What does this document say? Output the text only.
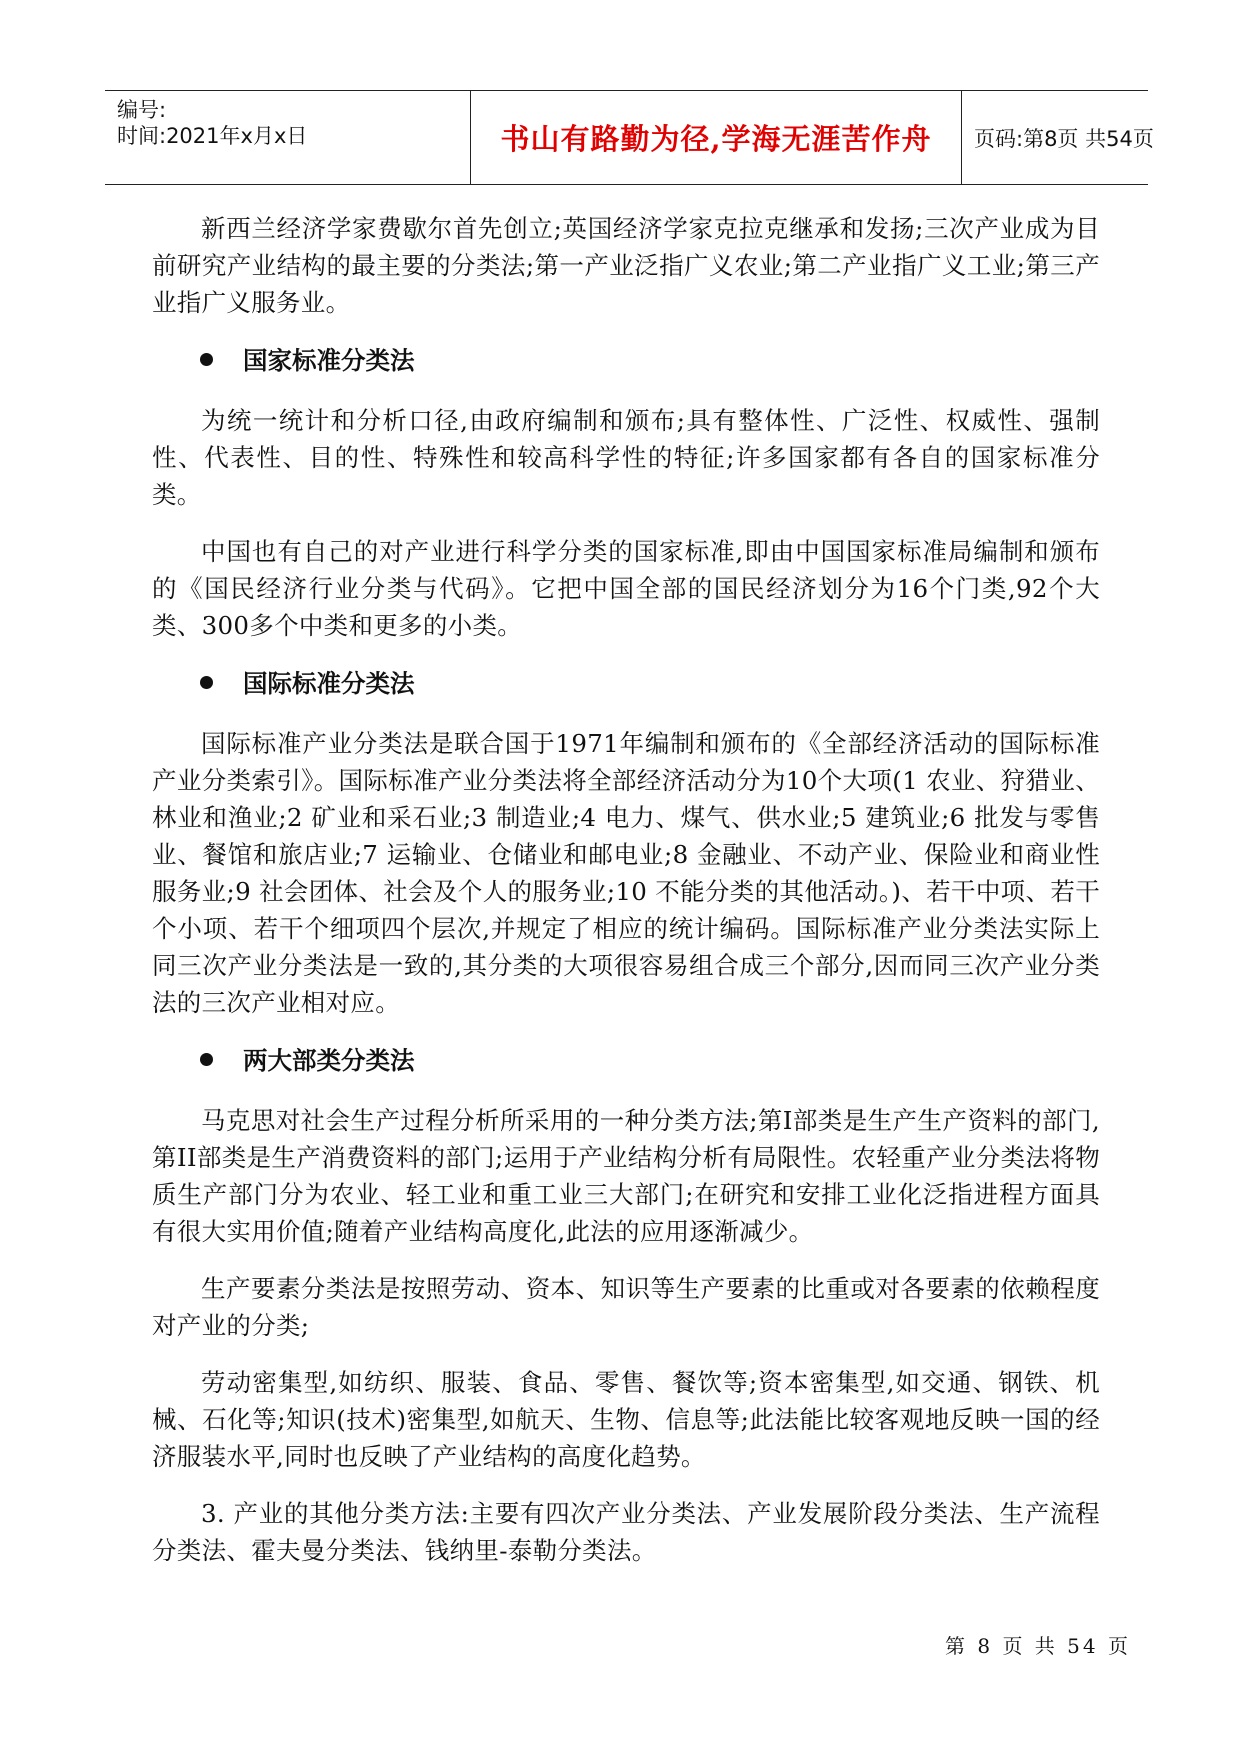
编号:
时间:2021年x月x日	书山有路勤为径,学海无涯苦作舟 页码:第8页 共54页

新西兰经济学家费歇尔首先创立;英国经济学家克拉克继承和发扬;三次产业成为目前研究产业结构的最主要的分类法;第一产业泛指广义农业;第二产业指广义工业;第三产业指广义服务业。

国家标准分类法

为统一统计和分析口径,由政府编制和颁布;具有整体性、广泛性、权威性、强制性、代表性、目的性、特殊性和较高科学性的特征;许多国家都有各自的国家标准分类。

中国也有自己的对产业进行科学分类的国家标准,即由中国国家标准局编制和颁布的《国民经济行业分类与代码》。它把中国全部的国民经济划分为16个门类,92个大类、300多个中类和更多的小类。

国际标准分类法

国际标准产业分类法是联合国于1971年编制和颁布的《全部经济活动的国际标准产业分类索引》。国际标准产业分类法将全部经济活动分为10个大项(1 农业、狩猎业、林业和渔业;2 矿业和采石业;3 制造业;4 电力、煤气、供水业;5 建筑业;6 批发与零售业、餐馆和旅店业;7 运输业、仓储业和邮电业;8 金融业、不动产业、保险业和商业性服务业;9 社会团体、社会及个人的服务业;10 不能分类的其他活动。)、若干中项、若干个小项、若干个细项四个层次,并规定了相应的统计编码。国际标准产业分类法实际上同三次产业分类法是一致的,其分类的大项很容易组合成三个部分,因而同三次产业分类法的三次产业相对应。

两大部类分类法

马克思对社会生产过程分析所采用的一种分类方法;第I部类是生产生产资料的部门,第II部类是生产消费资料的部门;运用于产业结构分析有局限性。农轻重产业分类法将物质生产部门分为农业、轻工业和重工业三大部门;在研究和安排工业化泛指进程方面具有很大实用价值;随着产业结构高度化,此法的应用逐渐减少。

生产要素分类法是按照劳动、资本、知识等生产要素的比重或对各要素的依赖程度对产业的分类;

劳动密集型,如纺织、服装、食品、零售、餐饮等;资本密集型,如交通、钢铁、机械、石化等;知识(技术)密集型,如航天、生物、信息等;此法能比较客观地反映一国的经济服装水平,同时也反映了产业结构的高度化趋势。

3. 产业的其他分类方法:主要有四次产业分类法、产业发展阶段分类法、生产流程分类法、霍夫曼分类法、钱纳里-泰勒分类法。

第 8 页 共 54 页
